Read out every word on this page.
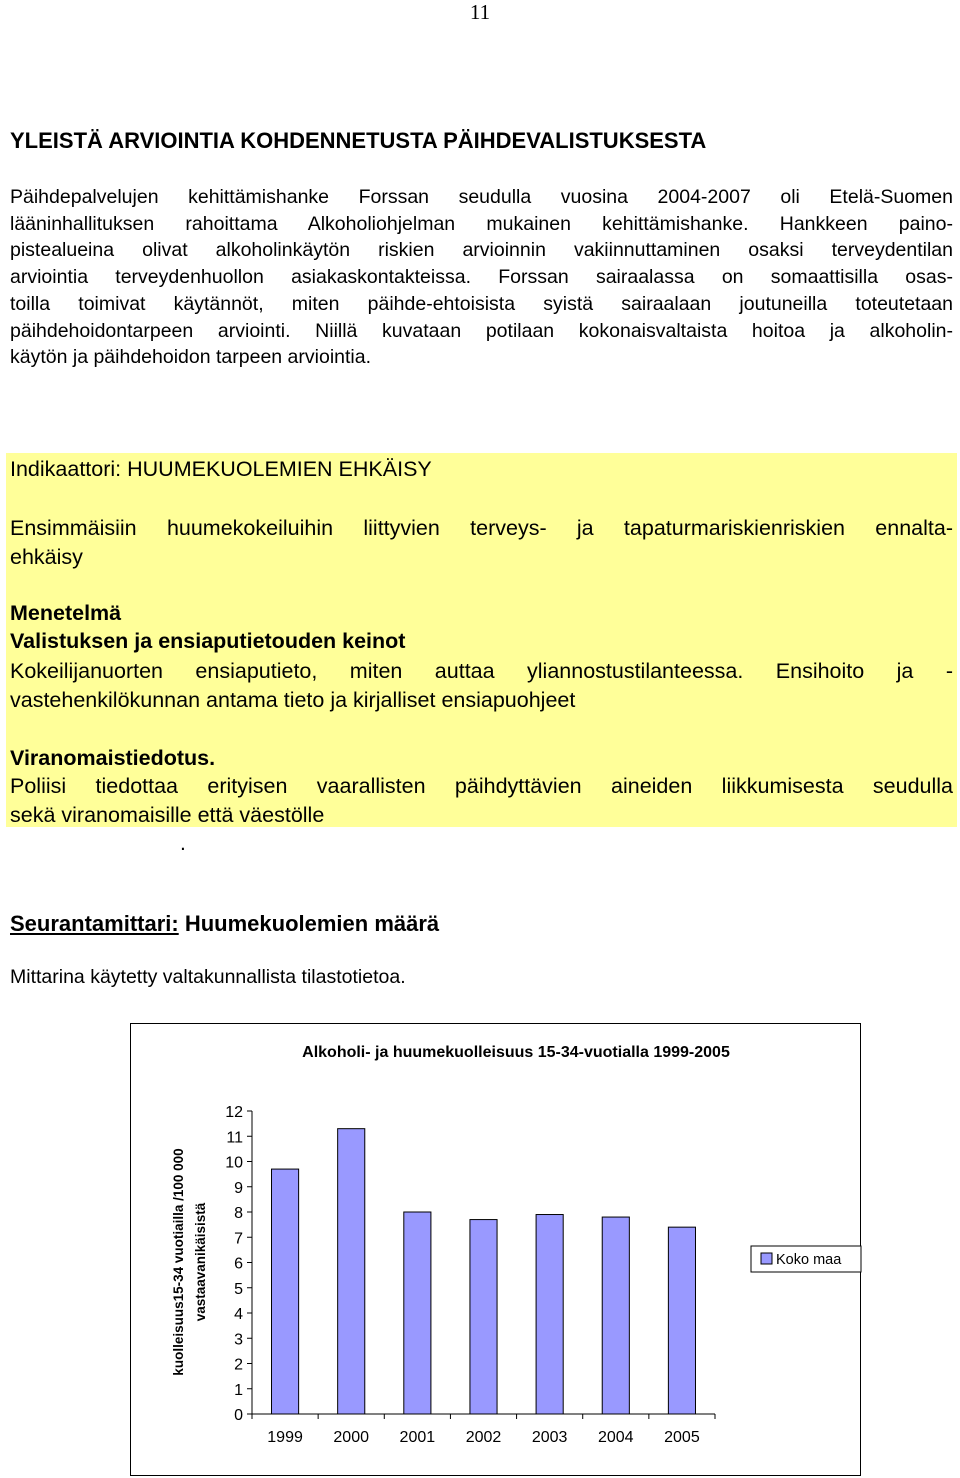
11
YLEISTÄ ARVIOINTIA KOHDENNETUSTA PÄIHDEVALISTUKSESTA

Päihdepalvelujen kehittämishanke Forssan seudulla vuosina 2004-2007 oli Etelä-Suomen

lääninhallituksen rahoittama Alkoholiohjelman mukainen kehittämishanke. Hankkeen paino-

pistealueina olivat alkoholinkäytön riskien arvioinnin vakiinnuttaminen osaksi terveydentilan

arviointia terveydenhuollon asiakaskontakteissa. Forssan sairaalassa on somaattisilla osas-

toilla toimivat käytännöt, miten päihde-ehtoisista syistä sairaalaan joutuneilla toteutetaan

päihdehoidontarpeen arviointi. Niillä kuvataan potilaan kokonaisvaltaista hoitoa ja alkoholin-

käytön ja päihdehoidon tarpeen arviointia.

Indikaattori: HUUMEKUOLEMIEN EHKÄISY
Ensimmäisiin huumekokeiluihin liittyvien terveys- ja tapaturmariskienriskien ennalta-
ehkäisy
Menetelmä
Valistuksen ja ensiaputietouden keinot
Kokeilijanuorten ensiaputieto, miten auttaa yliannostustilanteessa. Ensihoito ja -
vastehenkilökunnan antama tieto ja kirjalliset ensiapuohjeet
Viranomaistiedotus.
Poliisi tiedottaa erityisen vaarallisten päihdyttävien aineiden liikkumisesta seudulla
sekä viranomaisille että väestölle
.
Seurantamittari: Huumekuolemien määrä
Mittarina käytetty valtakunnallista tilastotietoa.
Alkoholi- ja huumekuolleisuus 15-34-vuotialla 1999-2005
kuolleisuus15-34 vuotiailla /100 000 vastaavanikäisistä
0
1
2
3
4
5
6
7
8
9
10
11
12
1999 2000 2001 2002 2003 2004 2005
Koko maa
